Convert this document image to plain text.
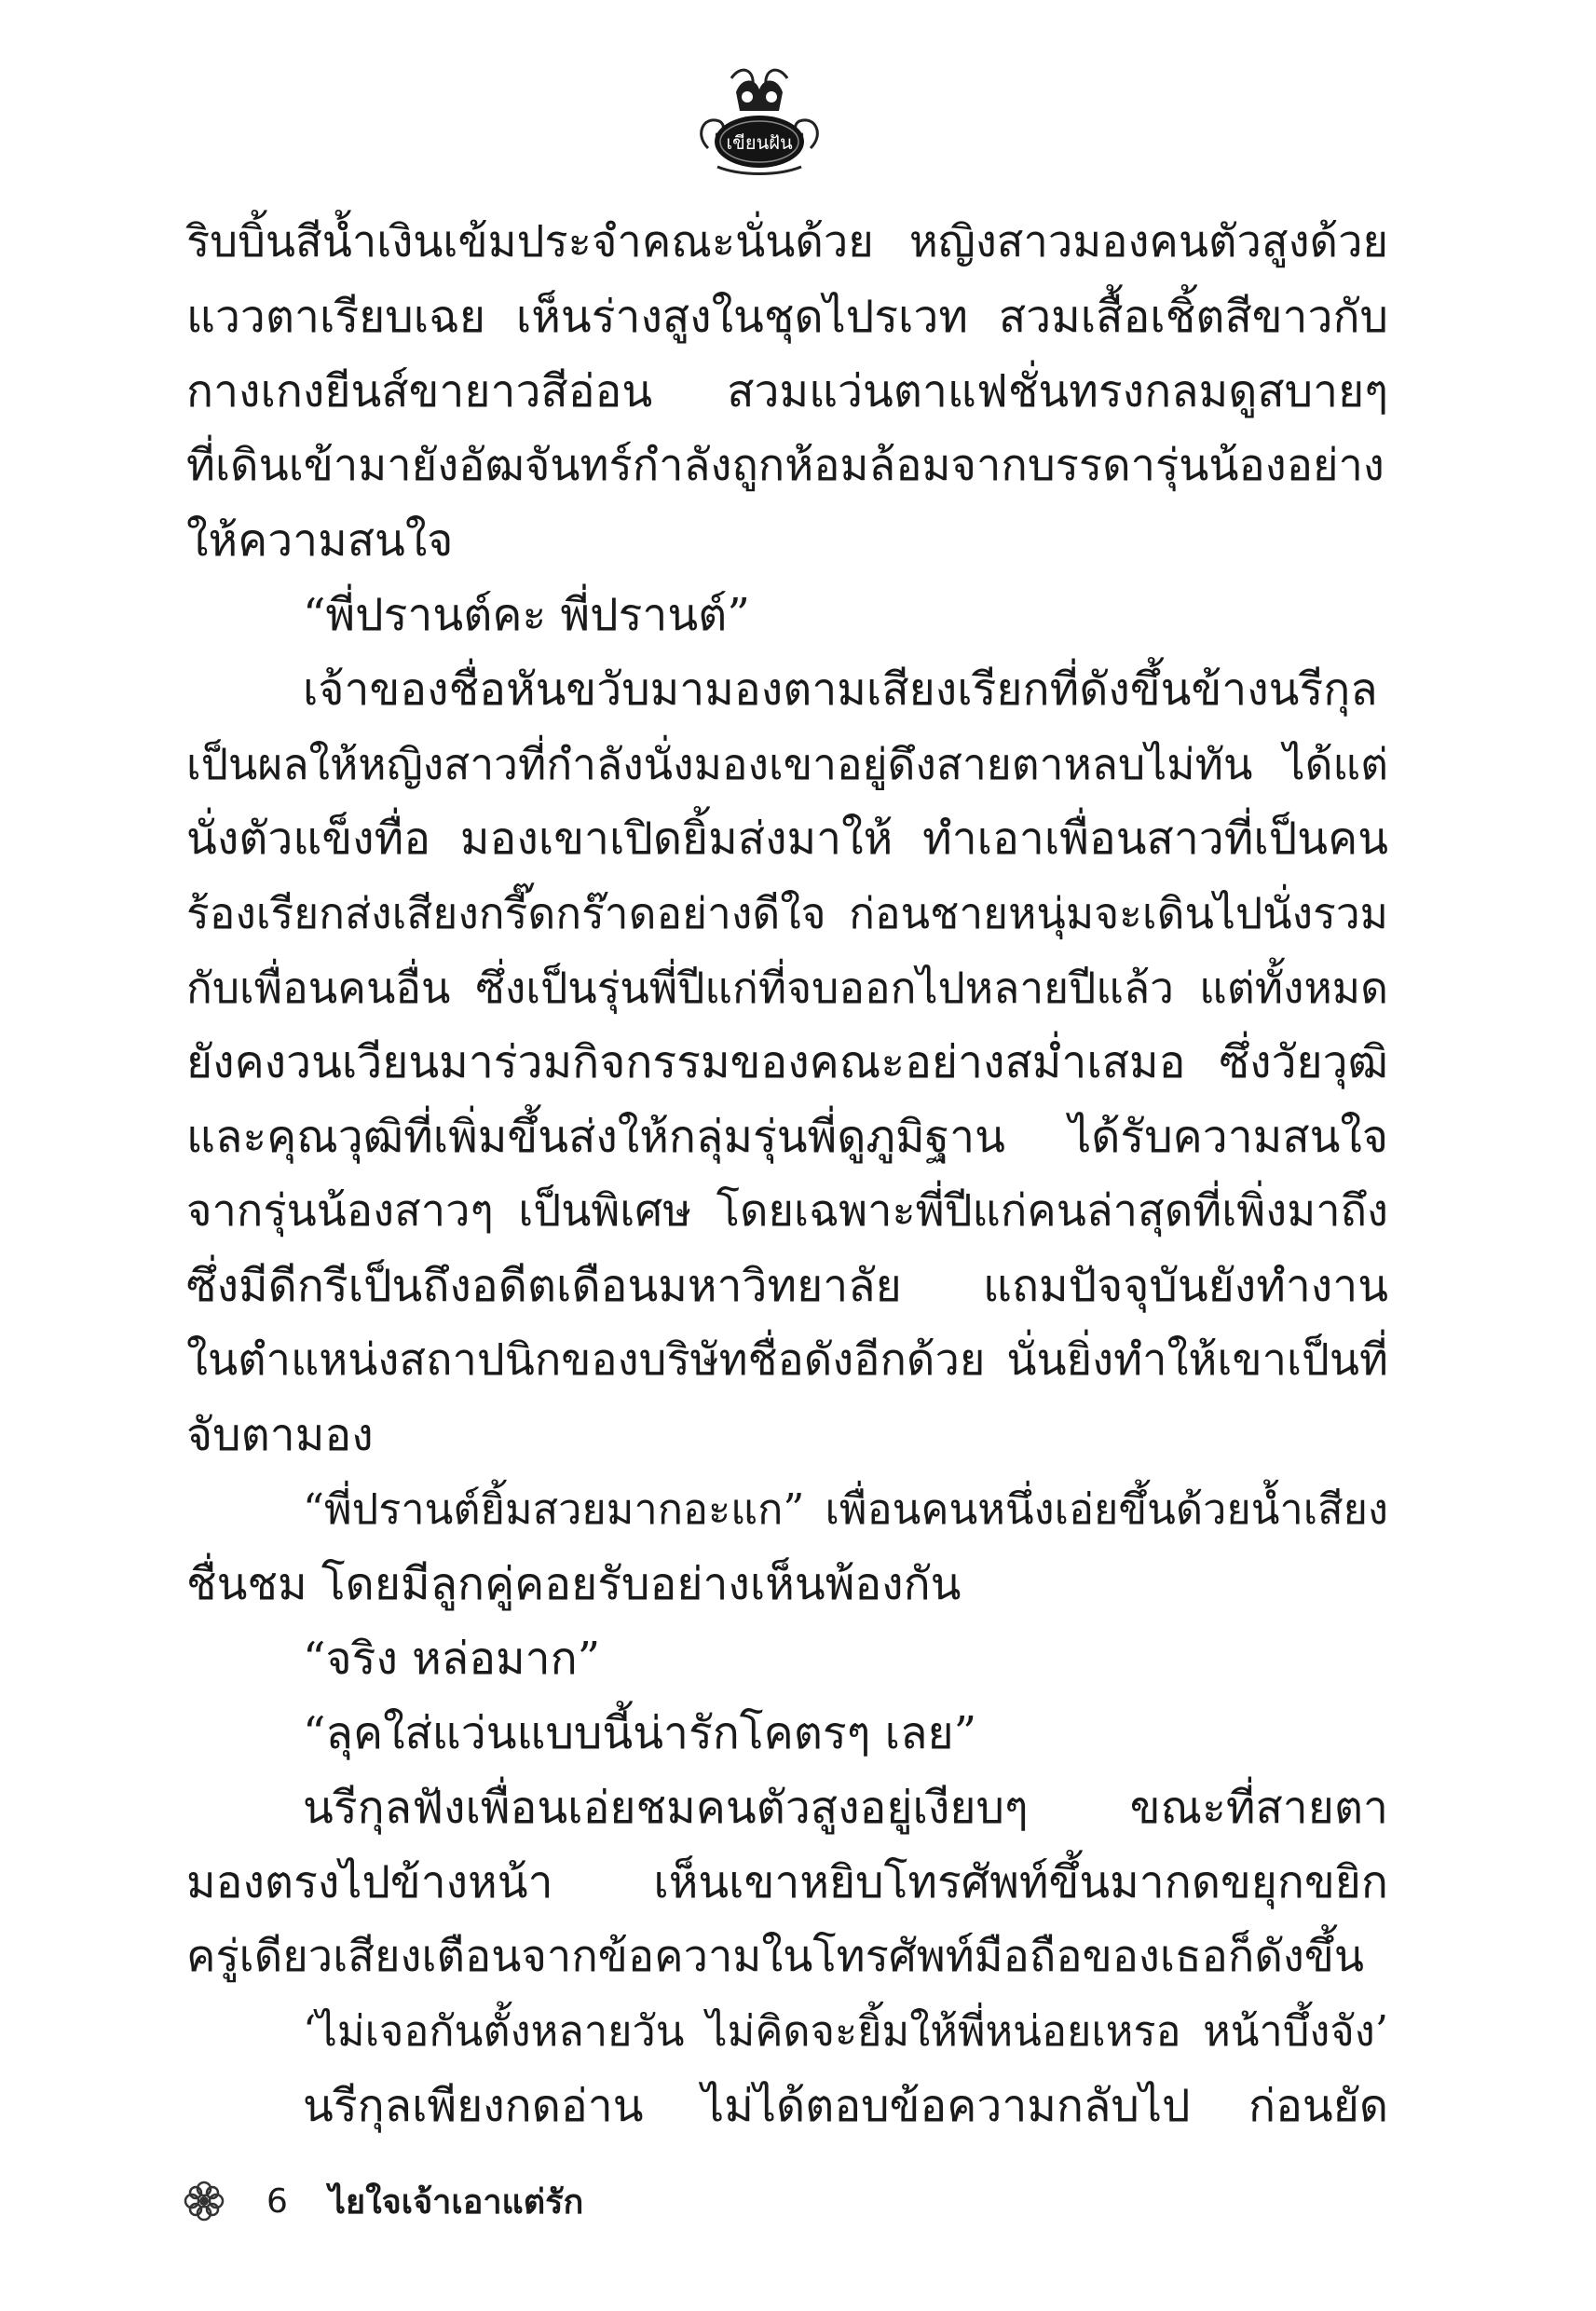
เขียนฝัน
ริบบิ้นสีน้ำเงินเข้มประจำคณะนั่นด้วย หญิงสาวมองคนตัวสูงด้วย
แววตาเรียบเฉย เห็นร่างสูงในชุดไปรเวท สวมเสื้อเชิ้ตสีขาวกับ
กางเกงยีนส์ขายาวสีอ่อน สวมแว่นตาแฟชั่นทรงกลมดูสบายๆ
ที่เดินเข้ามายังอัฒจันทร์กำลังถูกห้อมล้อมจากบรรดารุ่นน้องอย่าง
ให้ความสนใจ
“พี่ปรานต์คะ พี่ปรานต์”
เจ้าของชื่อหันขวับมามองตามเสียงเรียกที่ดังขึ้นข้างนรีกุล
เป็นผลให้หญิงสาวที่กำลังนั่งมองเขาอยู่ดึงสายตาหลบไม่ทัน ได้แต่
นั่งตัวแข็งทื่อ มองเขาเปิดยิ้มส่งมาให้ ทำเอาเพื่อนสาวที่เป็นคน
ร้องเรียกส่งเสียงกรี๊ดกร๊าดอย่างดีใจ ก่อนชายหนุ่มจะเดินไปนั่งรวม
กับเพื่อนคนอื่น ซึ่งเป็นรุ่นพี่ปีแก่ที่จบออกไปหลายปีแล้ว แต่ทั้งหมด
ยังคงวนเวียนมาร่วมกิจกรรมของคณะอย่างสม่ำเสมอ ซึ่งวัยวุฒิ
และคุณวุฒิที่เพิ่มขึ้นส่งให้กลุ่มรุ่นพี่ดูภูมิฐาน ได้รับความสนใจ
จากรุ่นน้องสาวๆ เป็นพิเศษ โดยเฉพาะพี่ปีแก่คนล่าสุดที่เพิ่งมาถึง
ซึ่งมีดีกรีเป็นถึงอดีตเดือนมหาวิทยาลัย แถมปัจจุบันยังทำงาน
ในตำแหน่งสถาปนิกของบริษัทชื่อดังอีกด้วย นั่นยิ่งทำให้เขาเป็นที่
จับตามอง
“พี่ปรานต์ยิ้มสวยมากอะแก” เพื่อนคนหนึ่งเอ่ยขึ้นด้วยน้ำเสียง
ชื่นชม โดยมีลูกคู่คอยรับอย่างเห็นพ้องกัน
“จริง หล่อมาก”
“ลุคใส่แว่นแบบนี้น่ารักโคตรๆ เลย”
นรีกุลฟังเพื่อนเอ่ยชมคนตัวสูงอยู่เงียบๆ ขณะที่สายตา
มองตรงไปข้างหน้า เห็นเขาหยิบโทรศัพท์ขึ้นมากดขยุกขยิก
ครู่เดียวเสียงเตือนจากข้อความในโทรศัพท์มือถือของเธอก็ดังขึ้น
‘ไม่เจอกันตั้งหลายวัน ไม่คิดจะยิ้มให้พี่หน่อยเหรอ หน้าบึ้งจัง’
นรีกุลเพียงกดอ่าน ไม่ได้ตอบข้อความกลับไป ก่อนยัด
6 ไยใจเจ้าเอาแต่รัก
